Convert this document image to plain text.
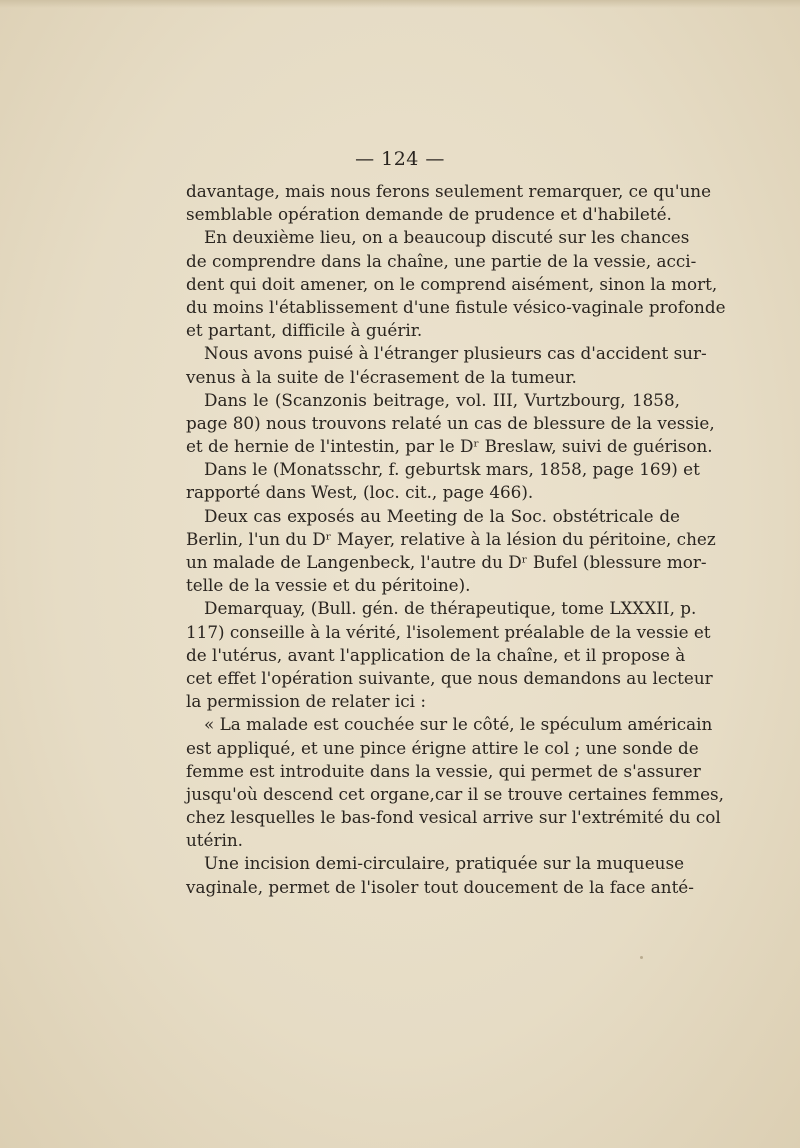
— 124 —
davantage, mais nous ferons seulement remarquer, ce qu'une
semblable opération demande de prudence et d'habileté.
En deuxième lieu, on a beaucoup discuté sur les chances
de comprendre dans la chaîne, une partie de la vessie, acci-
dent qui doit amener, on le comprend aisément, sinon la mort,
du moins l'établissement d'une fistule vésico-vaginale profonde
et partant, difficile à guérir.
Nous avons puisé à l'étranger plusieurs cas d'accident sur-
venus à la suite de l'écrasement de la tumeur.
Dans le (Scanzonis beitrage, vol. III, Vurtzbourg, 1858,
page 80) nous trouvons relaté un cas de blessure de la vessie,
et de hernie de l'intestin, par le Dʳ Breslaw, suivi de guérison.
Dans le (Monatsschr, f. geburtsk mars, 1858, page 169) et
rapporté dans West, (loc. cit., page 466).
Deux cas exposés au Meeting de la Soc. obstétricale de
Berlin, l'un du Dʳ Mayer, relative à la lésion du péritoine, chez
un malade de Langenbeck, l'autre du Dʳ Bufel (blessure mor-
telle de la vessie et du péritoine).
Demarquay, (Bull. gén. de thérapeutique, tome LXXXII, p.
117) conseille à la vérité, l'isolement préalable de la vessie et
de l'utérus, avant l'application de la chaîne, et il propose à
cet effet l'opération suivante, que nous demandons au lecteur
la permission de relater ici :
« La malade est couchée sur le côté, le spéculum américain
est appliqué, et une pince érigne attire le col ; une sonde de
femme est introduite dans la vessie, qui permet de s'assurer
jusqu'où descend cet organe,car il se trouve certaines femmes,
chez lesquelles le bas-fond vesical arrive sur l'extrémité du col
utérin.
Une incision demi-circulaire, pratiquée sur la muqueuse
vaginale, permet de l'isoler tout doucement de la face anté-
